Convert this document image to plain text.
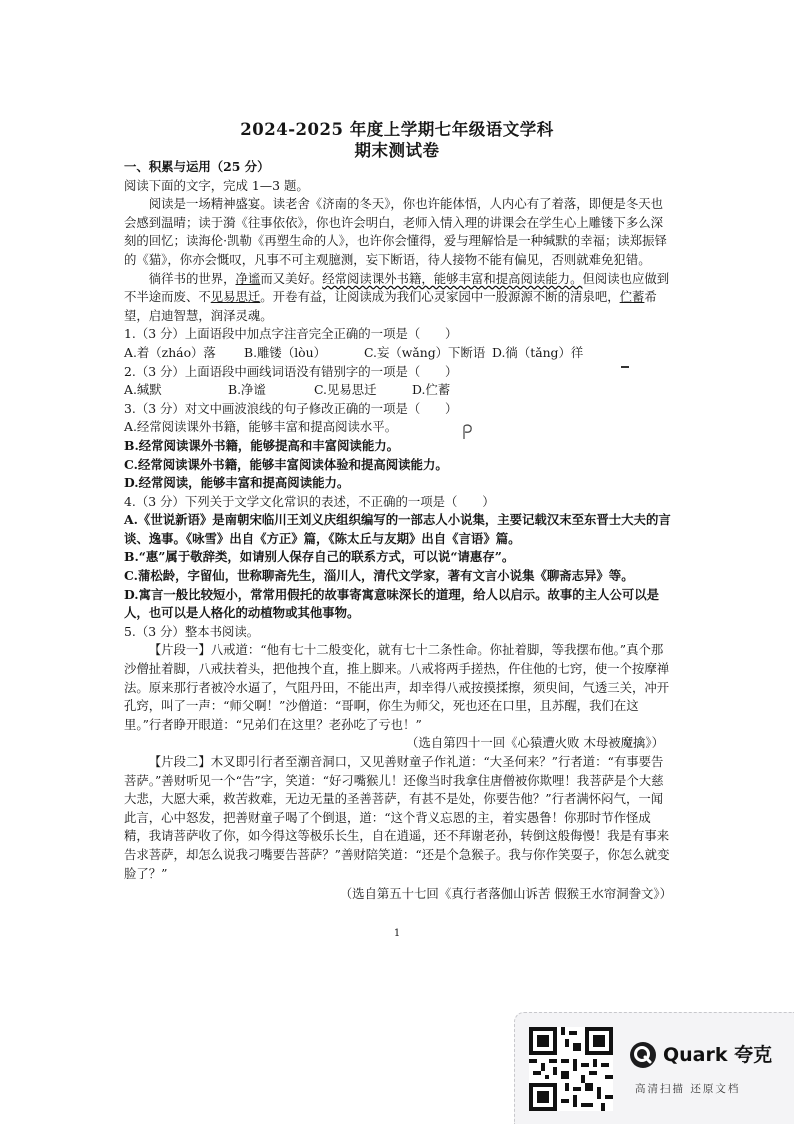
2024-2025 年度上学期七年级语文学科
期末测试卷

一、积累与运用（25 分）

阅读下面的文字，完成 1—3 题。

阅读是一场精神盛宴。读老舍《济南的冬天》，你也许能体悟，人内心有了着落，即便是冬天也会感到温晴；读于漪《往事依依》，你也许会明白，老师入情入理的讲课会在学生心上雕镂下多么深刻的回忆；读海伦·凯勒《再塑生命的人》，也许你会懂得，爱与理解恰是一种缄默的幸福；读郑振铎的《猫》，你亦会慨叹，凡事不可主观臆测，妄下断语，待人接物不能有偏见，否则就难免犯错。

徜徉书的世界，净谧而又美好。经常阅读课外书籍，能够丰富和提高阅读能力。但阅读也应做到不半途而废、不见易思迁。开卷有益，让阅读成为我们心灵家园中一股源源不断的清泉吧，伫蓄希望，启迪智慧，润泽灵魂。

1.（3 分）上面语段中加点字注音完全正确的一项是（　　）

A.着（zháo）落	B.雕镂（lòu）	C.妄（wǎng）下断语 D.徜（tǎng）徉

2.（3 分）上面语段中画线词语没有错别字的一项是（　　）

A.缄默	B.净谧	C.见易思迁	D.伫蓄

3.（3 分）对文中画波浪线的句子修改正确的一项是（　　）

A.经常阅读课外书籍，能够丰富和提高阅读水平。

B.经常阅读课外书籍，能够提高和丰富阅读能力。

C.经常阅读课外书籍，能够丰富阅读体验和提高阅读能力。

D.经常阅读，能够丰富和提高阅读能力。

4.（3 分）下列关于文学文化常识的表述，不正确的一项是（　　）

A.《世说新语》是南朝宋临川王刘义庆组织编写的一部志人小说集，主要记载汉末至东晋士大夫的言谈、逸事。《咏雪》出自《方正》篇，《陈太丘与友期》出自《言语》篇。

B.“惠”属于敬辞类，如请别人保存自己的联系方式，可以说“请惠存”。

C.蒲松龄，字留仙，世称聊斋先生，淄川人，清代文学家，著有文言小说集《聊斋志异》等。

D.寓言一般比较短小，常常用假托的故事寄寓意味深长的道理，给人以启示。故事的主人公可以是人，也可以是人格化的动植物或其他事物。

5.（3 分）整本书阅读。

【片段一】八戒道：“他有七十二般变化，就有七十二条性命。你扯着脚，等我摆布他。”真个那沙僧扯着脚，八戒扶着头，把他拽个直，推上脚来。八戒将两手搓热，仵住他的七窍，使一个按摩禅法。原来那行者被冷水逼了，气阻丹田，不能出声，却幸得八戒按摸揉擦，须臾间，气透三关，冲开孔窍，叫了一声：“师父啊！”沙僧道：“哥啊，你生为师父，死也还在口里，且苏醒，我们在这里。”行者睁开眼道：“兄弟们在这里？老孙吃了亏也！”

（选自第四十一回《心猿遭火败 木母被魔擒》）

【片段二】木叉即引行者至潮音洞口，又见善财童子作礼道：“大圣何来？”行者道：“有事要告菩萨。”善财听见一个“告”字，笑道：“好刁嘴猴儿！还像当时我拿住唐僧被你欺哩！我菩萨是个大慈大悲，大愿大乘，救苦救难，无边无量的圣善菩萨，有甚不是处，你要告他？”行者满怀闷气，一闻此言，心中怒发，把善财童子喝了个倒退，道：“这个背义忘恩的主，着实愚鲁！你那时节作怪成精，我请菩萨收了你，如今得这等极乐长生，自在逍遥，还不拜谢老孙，转倒这般侮慢！我是有事来告求菩萨，却怎么说我刁嘴要告菩萨？”善财陪笑道：“还是个急猴子。我与你作笑耍子，你怎么就变脸了？”

（选自第五十七回《真行者落伽山诉苦 假猴王水帘洞誊文》）

1
Quark 夸克
高清扫描 还原文档
